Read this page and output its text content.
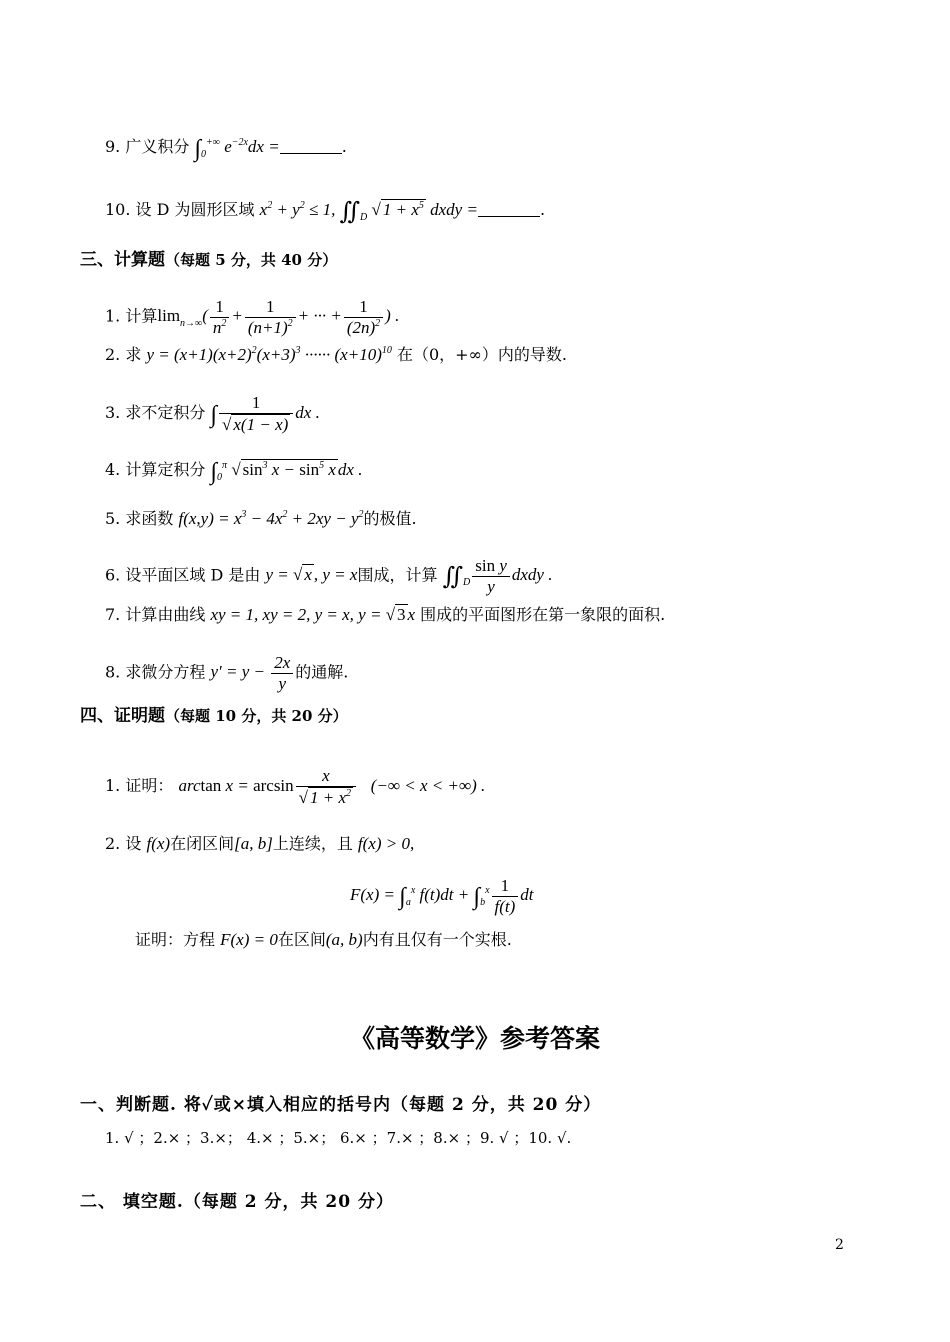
9. 广义积分 $\int_0^{+\infty}$ $e^{-2x}dx$ =	.
10. 设 D 为圆形区域 $x^2 + y^2 \le 1$, $∬_D$ √ $1 + x^5$ dxdy =	.
三、计算题（每题 5 分，共 40 分）
1. 计算$\lim_{n\to\infty}( \frac{1}{n^2} + \frac{1}{(n+1)^2}$ + ··· + $\frac{1}{(2n)^2}$ ) .
2. 求 $y = (x+1)(x+2)^2(x+3)^3$ ······ $(x+10)^{10}$ 在（0，+∞）内的导数.
3. 求不定积分 ∫ $\frac{1}{√ x(1 - x)}$ dx .
4. 计算定积分 $\int_0^\pi$ √ $\sin^3 x - \sin^5 x$ dx .
5. 求函数 $f(x,y) = x^3 - 4x^2 + 2xy - y^2$的极值.
6. 设平面区域 D 是由 y = √ x , y = x围成，计算 $∬_D \frac{\text{sin y}}{y}$ dxdy .
7. 计算由曲线 xy = 1, xy = 2, y = x, y = √ 3 x 围成的平面图形在第一象限的面积.
8. 求微分方程 $y' = y - \frac{2x}{y}$ 的通解.
四、证明题（每题 10 分，共 20 分）
1. 证明： $\arctan x = \arcsin \frac{x}{√ 1 + x^2}$ (−∞ < x < +∞) .
2. 设 f(x)在闭区间[a, b]上连续，且 f(x) > 0,
$F(x) = \int_a^x$ $f(t)dt + \int_b^x \frac{1}{f(t)}$ dt
证明：方程 F(x) = 0在区间(a, b)内有且仅有一个实根.
《高等数学》参考答案
一、判断题. 将✓或×填入相应的括号内（每题 2 分，共 20 分）
1. √ ；2.× ；3.×； 4.× ；5.×； 6.× ；7.× ；8.× ；9. √ ；10. √.
二、 填空题.（每题 2 分，共 20 分）
2
